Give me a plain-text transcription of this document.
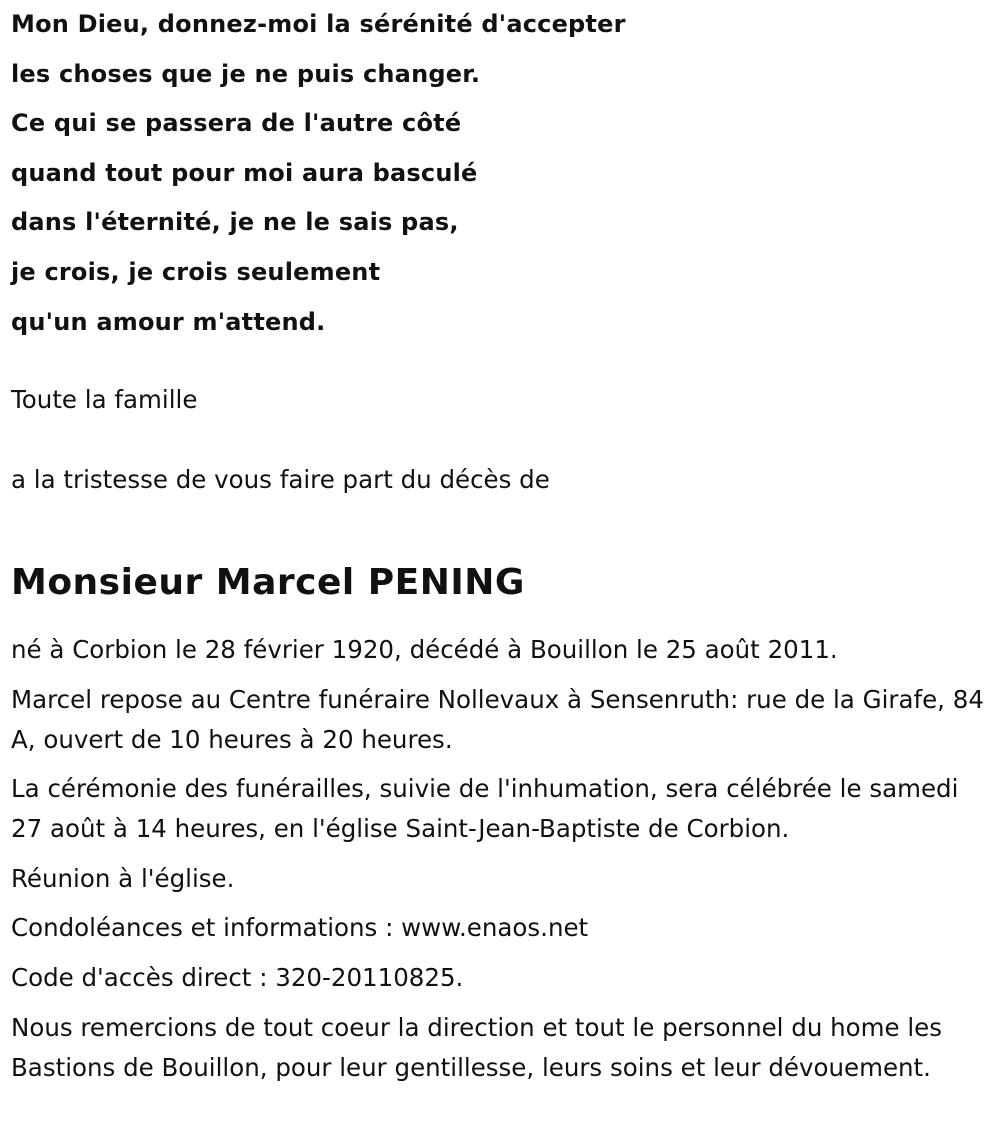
Mon Dieu, donnez-moi la sérénité d'accepter
les choses que je ne puis changer.
Ce qui se passera de l'autre côté
quand tout pour moi aura basculé
dans l'éternité, je ne le sais pas,
je crois, je crois seulement
qu'un amour m'attend.
Toute la famille
a la tristesse de vous faire part du décès de
Monsieur Marcel PENING
né à Corbion le 28 février 1920, décédé à Bouillon le 25 août 2011.
Marcel repose au Centre funéraire Nollevaux à Sensenruth: rue de la Girafe, 84 A, ouvert de 10 heures à 20 heures.
La cérémonie des funérailles, suivie de l'inhumation, sera célébrée le samedi 27 août à 14 heures, en l'église Saint-Jean-Baptiste de Corbion.
Réunion à l'église.
Condoléances et informations : www.enaos.net
Code d'accès direct : 320-20110825.
Nous remercions de tout coeur la direction et tout le personnel du home les Bastions de Bouillon, pour leur gentillesse, leurs soins et leur dévouement.
